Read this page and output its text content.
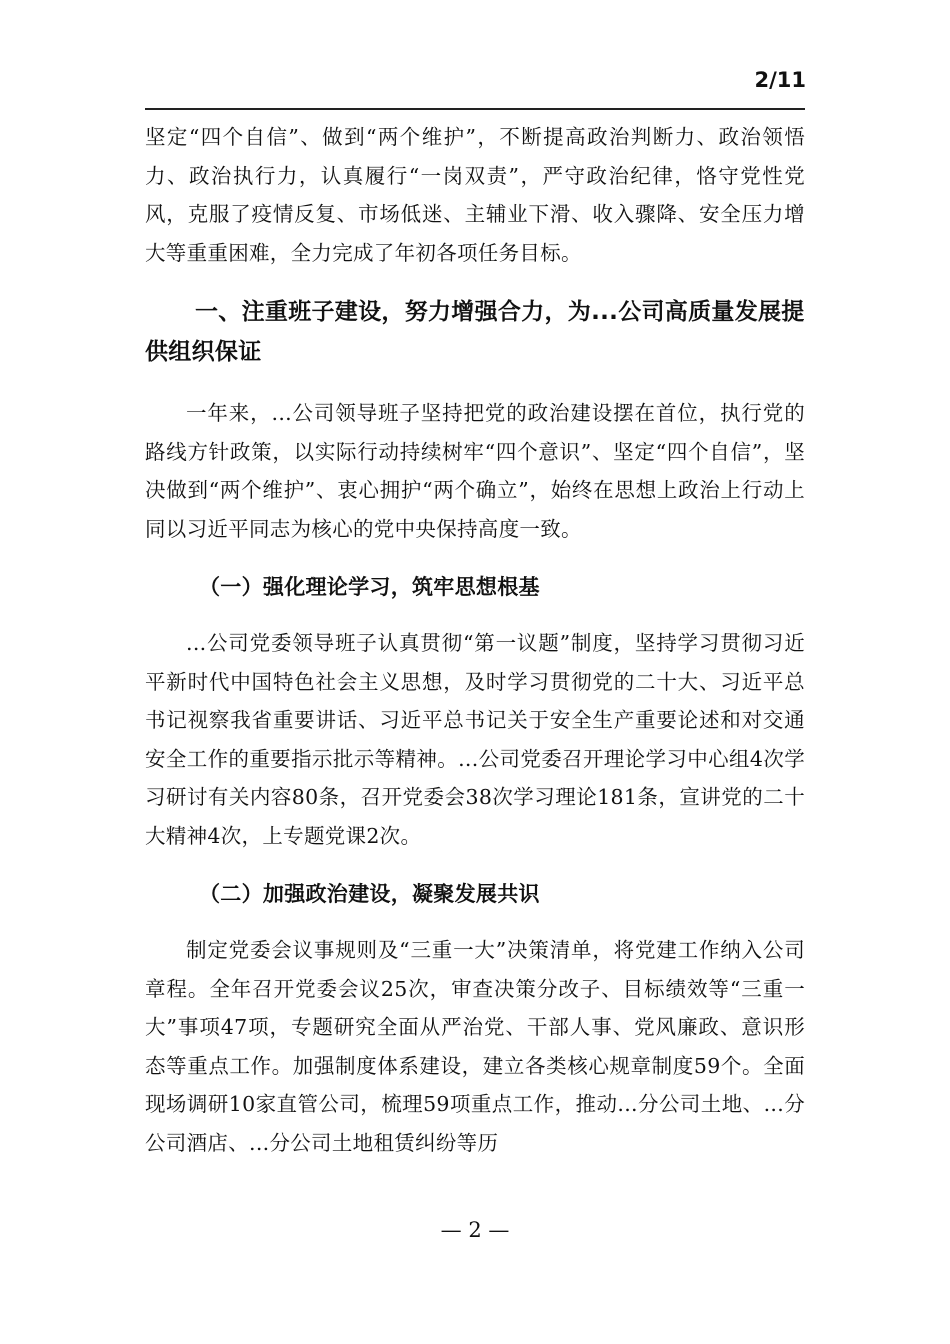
2/11

坚定“四个自信”、做到“两个维护”，不断提高政治判断力、政治领悟力、政治执行力，认真履行“一岗双责”，严守政治纪律，恪守党性党风，克服了疫情反复、市场低迷、主辅业下滑、收入骤降、安全压力增大等重重困难，全力完成了年初各项任务目标。

一、注重班子建设，努力增强合力，为...公司高质量发展提供组织保证

一年来，...公司领导班子坚持把党的政治建设摆在首位，执行党的路线方针政策，以实际行动持续树牢“四个意识”、坚定“四个自信”，坚决做到“两个维护”、衷心拥护“两个确立”，始终在思想上政治上行动上同以习近平同志为核心的党中央保持高度一致。

（一）强化理论学习，筑牢思想根基

...公司党委领导班子认真贯彻“第一议题”制度，坚持学习贯彻习近平新时代中国特色社会主义思想，及时学习贯彻党的二十大、习近平总书记视察我省重要讲话、习近平总书记关于安全生产重要论述和对交通安全工作的重要指示批示等精神。...公司党委召开理论学习中心组4次学习研讨有关内容80条，召开党委会38次学习理论181条，宣讲党的二十大精神4次，上专题党课2次。

（二）加强政治建设，凝聚发展共识

制定党委会议事规则及“三重一大”决策清单，将党建工作纳入公司章程。全年召开党委会议25次，审查决策分改子、目标绩效等“三重一大”事项47项，专题研究全面从严治党、干部人事、党风廉政、意识形态等重点工作。加强制度体系建设，建立各类核心规章制度59个。全面现场调研10家直管公司，梳理59项重点工作，推动...分公司土地、...分公司酒店、...分公司土地租赁纠纷等历

— 2 —
